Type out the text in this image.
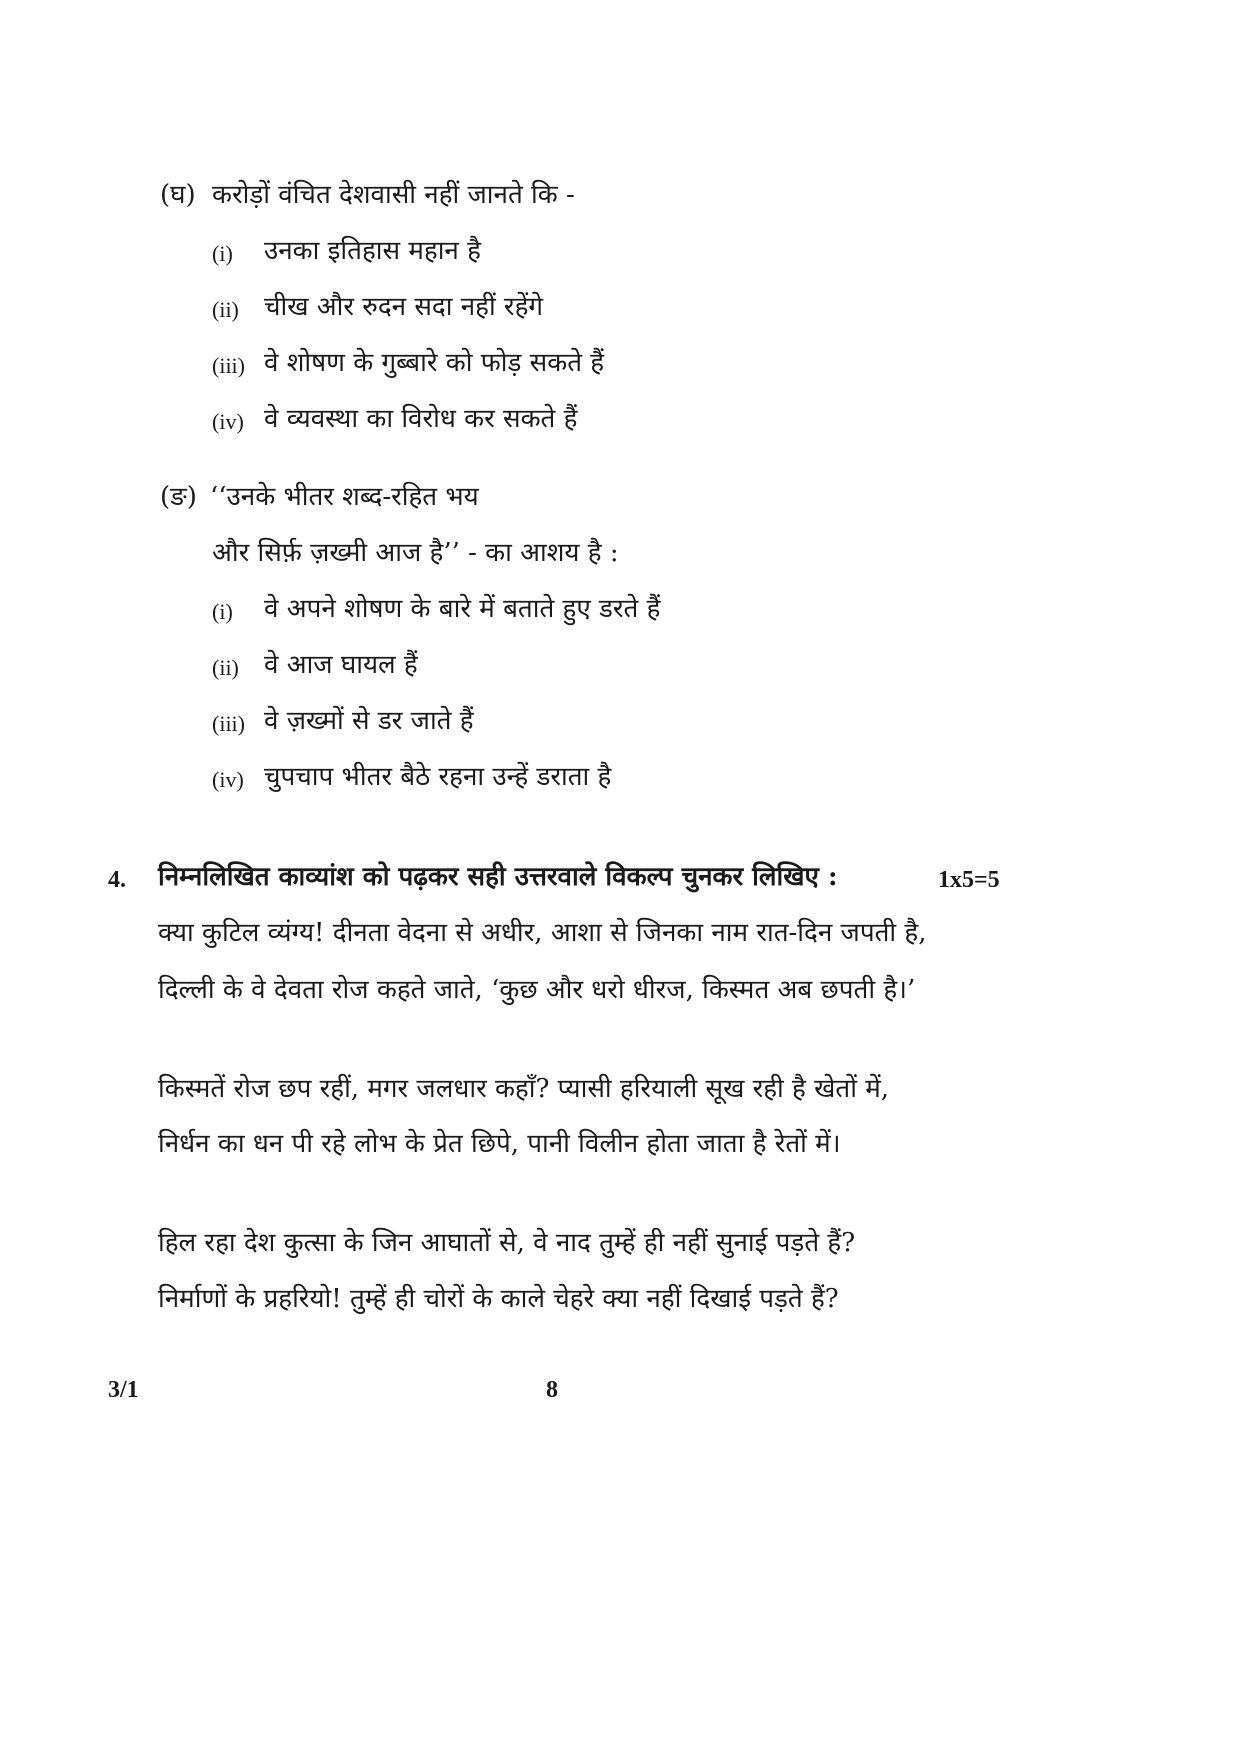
(घ) करोड़ों वंचित देशवासी नहीं जानते कि -
(i) उनका इतिहास महान है
(ii) चीख और रुदन सदा नहीं रहेंगे
(iii) वे शोषण के गुब्बारे को फोड़ सकते हैं
(iv) वे व्यवस्था का विरोध कर सकते हैं
(ङ) ‘‘उनके भीतर शब्द-रहित भय
और सिर्फ़ ज़ख्मी आज है’’ - का आशय है :
(i) वे अपने शोषण के बारे में बताते हुए डरते हैं
(ii) वे आज घायल हैं
(iii) वे ज़ख्मों से डर जाते हैं
(iv) चुपचाप भीतर बैठे रहना उन्हें डराता है
4. निम्नलिखित काव्यांश को पढ़कर सही उत्तरवाले विकल्प चुनकर लिखिए :	1x5=5
क्या कुटिल व्यंग्य! दीनता वेदना से अधीर, आशा से जिनका नाम रात-दिन जपती है,
दिल्ली के वे देवता रोज कहते जाते, ‘कुछ और धरो धीरज, किस्मत अब छपती है।’
किस्मतें रोज छप रहीं, मगर जलधार कहाँ? प्यासी हरियाली सूख रही है खेतों में,
निर्धन का धन पी रहे लोभ के प्रेत छिपे, पानी विलीन होता जाता है रेतों में।
हिल रहा देश कुत्सा के जिन आघातों से, वे नाद तुम्हें ही नहीं सुनाई पड़ते हैं?
निर्माणों के प्रहरियो! तुम्हें ही चोरों के काले चेहरे क्या नहीं दिखाई पड़ते हैं?
3/1	8
